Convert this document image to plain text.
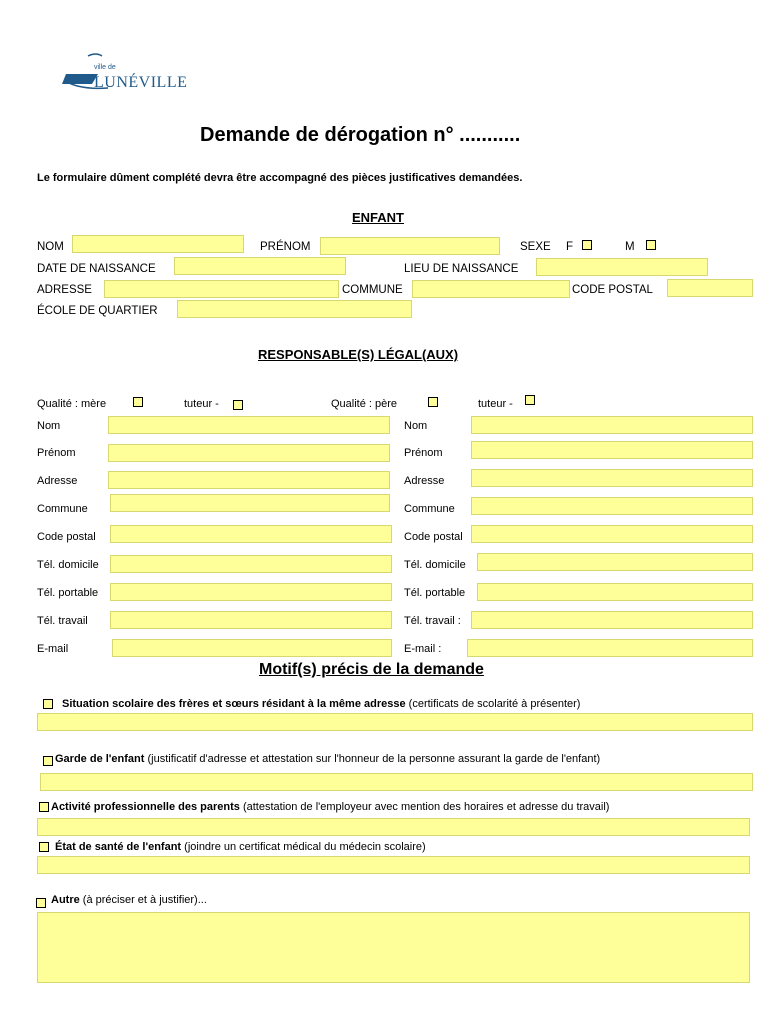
ville de
LUNÉVILLE
Demande de dérogation n° ...........
Le formulaire dûment complété devra être accompagné des pièces justificatives demandées.
ENFANT
NOM	PRÉNOM	SEXE F	M
DATE DE NAISSANCE	LIEU DE NAISSANCE
ADRESSE	COMMUNE	CODE POSTAL
ÉCOLE DE QUARTIER
RESPONSABLE(S) LÉGAL(AUX)
Qualité : mère	tuteur -	Qualité : père	tuteur -
Nom
Prénom
Adresse
Commune
Code postal
Tél. domicile
Tél. portable
Tél. travail
E-mail
Nom
Prénom
Adresse
Commune
Code postal
Tél. domicile
Tél. portable
Tél. travail :
E-mail :
Motif(s) précis de la demande
Situation scolaire des frères et sœurs résidant à la même adresse (certificats de scolarité à présenter)
Garde de l'enfant (justificatif d'adresse et attestation sur l'honneur de la personne assurant la garde de l'enfant)
Activité professionnelle des parents (attestation de l'employeur avec mention des horaires et adresse du travail)
État de santé de l'enfant (joindre un certificat médical du médecin scolaire)
Autre (à préciser et à justifier)...
